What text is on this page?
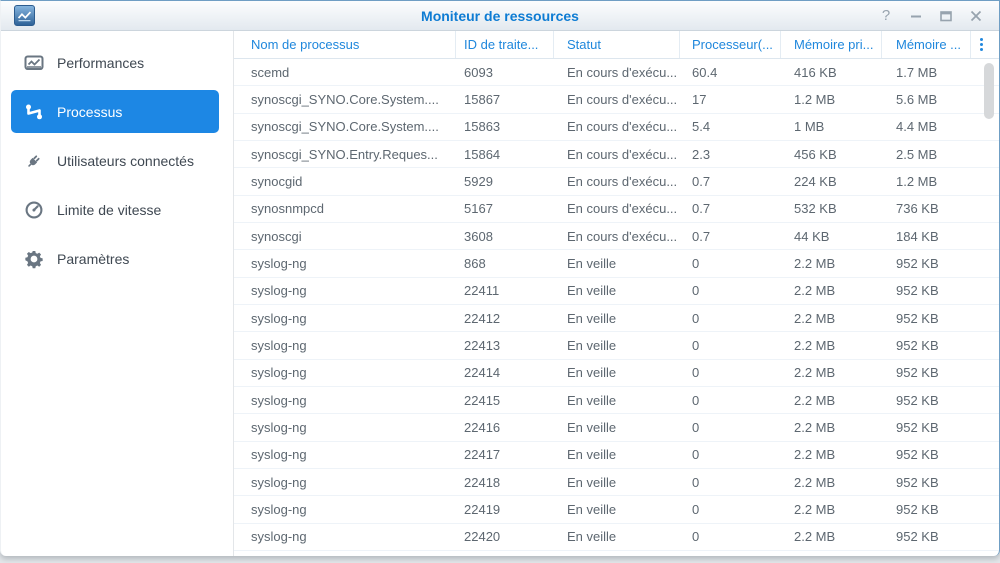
Moniteur de ressources	?
Performances
Processus
Utilisateurs connectés
Limite de vitesse
Paramètres
Nom de processus	ID de traite...	Statut	Processeur(...	Mémoire pri...	Mémoire ...
scemd	6093	En cours d'exécu...	60.4	416 KB	1.7 MB
synoscgi_SYNO.Core.System....	15867	En cours d'exécu...	17	1.2 MB	5.6 MB
synoscgi_SYNO.Core.System....	15863	En cours d'exécu...	5.4	1 MB	4.4 MB
synoscgi_SYNO.Entry.Reques...	15864	En cours d'exécu...	2.3	456 KB	2.5 MB
synocgid	5929	En cours d'exécu...	0.7	224 KB	1.2 MB
synosnmpcd	5167	En cours d'exécu...	0.7	532 KB	736 KB
synoscgi	3608	En cours d'exécu...	0.7	44 KB	184 KB
syslog-ng	868	En veille	0	2.2 MB	952 KB
syslog-ng	22411	En veille	0	2.2 MB	952 KB
syslog-ng	22412	En veille	0	2.2 MB	952 KB
syslog-ng	22413	En veille	0	2.2 MB	952 KB
syslog-ng	22414	En veille	0	2.2 MB	952 KB
syslog-ng	22415	En veille	0	2.2 MB	952 KB
syslog-ng	22416	En veille	0	2.2 MB	952 KB
syslog-ng	22417	En veille	0	2.2 MB	952 KB
syslog-ng	22418	En veille	0	2.2 MB	952 KB
syslog-ng	22419	En veille	0	2.2 MB	952 KB
syslog-ng	22420	En veille	0	2.2 MB	952 KB
